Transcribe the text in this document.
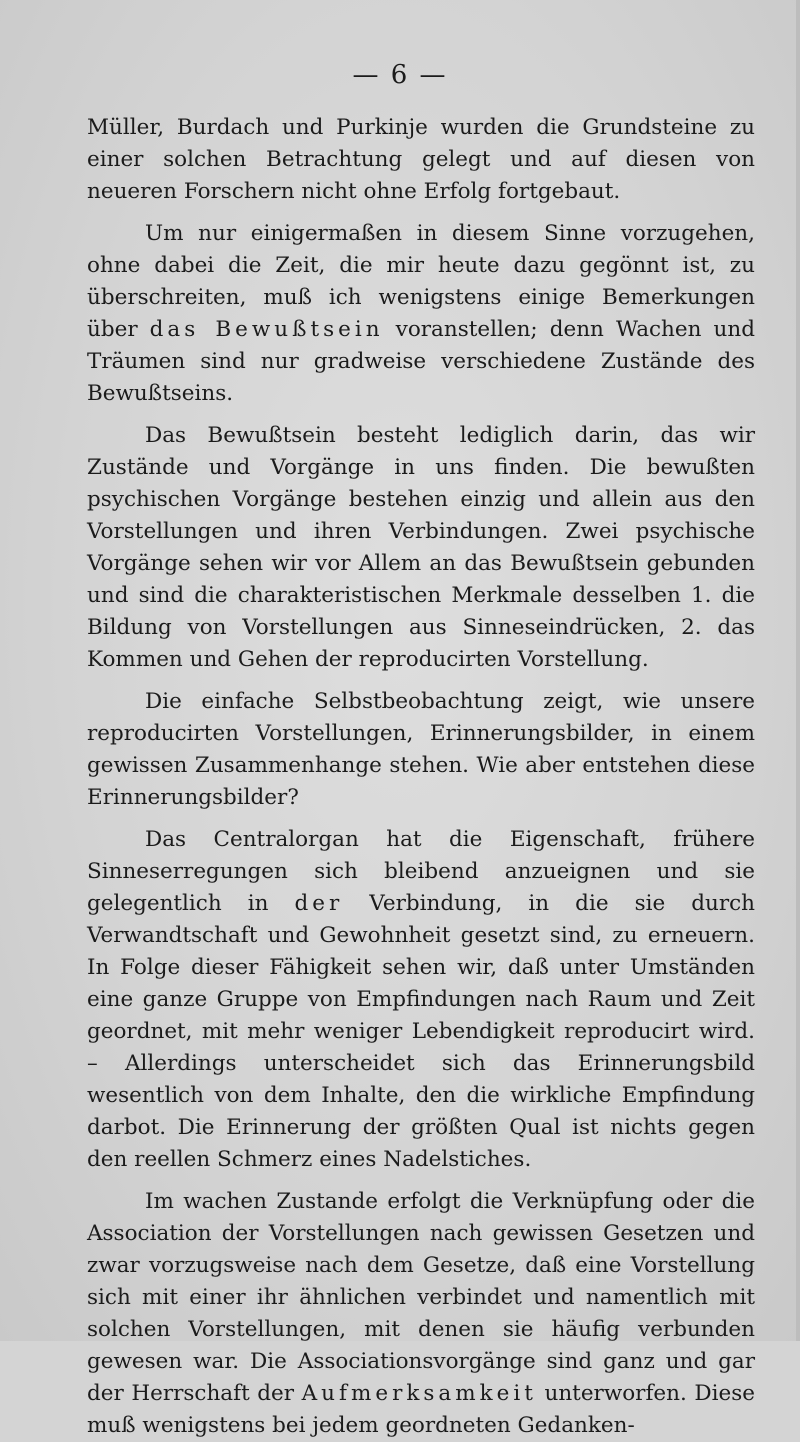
— 6 —

Müller, Burdach und Purkinje wurden die Grundsteine zu einer solchen Betrachtung gelegt und auf diesen von neueren Forschern nicht ohne Erfolg fortgebaut.

Um nur einigermaßen in diesem Sinne vorzugehen, ohne dabei die Zeit, die mir heute dazu gegönnt ist, zu überschreiten, muß ich wenigstens einige Bemerkungen über das Bewußtsein voranstellen; denn Wachen und Träumen sind nur gradweise verschiedene Zustände des Bewußtseins.

Das Bewußtsein besteht lediglich darin, das wir Zustände und Vorgänge in uns finden. Die bewußten psychischen Vorgänge bestehen einzig und allein aus den Vorstellungen und ihren Verbindungen. Zwei psychische Vorgänge sehen wir vor Allem an das Bewußtsein gebunden und sind die charakteristischen Merkmale desselben 1. die Bildung von Vorstellungen aus Sinneseindrücken, 2. das Kommen und Gehen der reproducirten Vorstellung.

Die einfache Selbstbeobachtung zeigt, wie unsere reproducirten Vorstellungen, Erinnerungsbilder, in einem gewissen Zusammenhange stehen. Wie aber entstehen diese Erinnerungsbilder?

Das Centralorgan hat die Eigenschaft, frühere Sinneserregungen sich bleibend anzueignen und sie gelegentlich in der Verbindung, in die sie durch Verwandtschaft und Gewohnheit gesetzt sind, zu erneuern. In Folge dieser Fähigkeit sehen wir, daß unter Umständen eine ganze Gruppe von Empfindungen nach Raum und Zeit geordnet, mit mehr weniger Lebendigkeit reproducirt wird. – Allerdings unterscheidet sich das Erinnerungsbild wesentlich von dem Inhalte, den die wirkliche Empfindung darbot. Die Erinnerung der größten Qual ist nichts gegen den reellen Schmerz eines Nadelstiches.

Im wachen Zustande erfolgt die Verknüpfung oder die Association der Vorstellungen nach gewissen Gesetzen und zwar vorzugsweise nach dem Gesetze, daß eine Vorstellung sich mit einer ihr ähnlichen verbindet und namentlich mit solchen Vorstellungen, mit denen sie häufig verbunden gewesen war. Die Associationsvorgänge sind ganz und gar der Herrschaft der Aufmerksamkeit unterworfen. Diese muß wenigstens bei jedem geordneten Gedanken-
